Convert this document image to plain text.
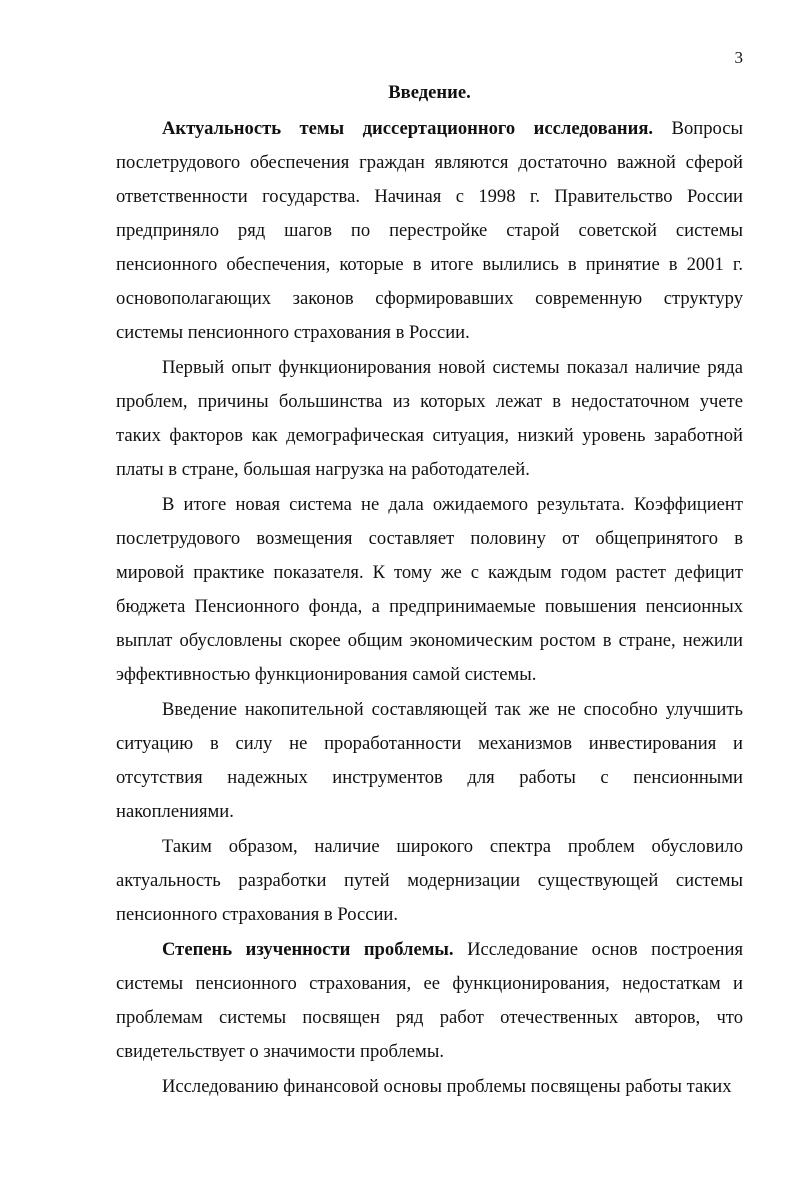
3
Введение.

Актуальность темы диссертационного исследования. Вопросы послетрудового обеспечения граждан являются достаточно важной сферой ответственности государства. Начиная с 1998 г. Правительство России предприняло ряд шагов по перестройке старой советской системы пенсионного обеспечения, которые в итоге вылились в принятие в 2001 г. основополагающих законов сформировавших современную структуру системы пенсионного страхования в России.

Первый опыт функционирования новой системы показал наличие ряда проблем, причины большинства из которых лежат в недостаточном учете таких факторов как демографическая ситуация, низкий уровень заработной платы в стране, большая нагрузка на работодателей.

В итоге новая система не дала ожидаемого результата. Коэффициент послетрудового возмещения составляет половину от общепринятого в мировой практике показателя. К тому же с каждым годом растет дефицит бюджета Пенсионного фонда, а предпринимаемые повышения пенсионных выплат обусловлены скорее общим экономическим ростом в стране, нежили эффективностью функционирования самой системы.

Введение накопительной составляющей так же не способно улучшить ситуацию в силу не проработанности механизмов инвестирования и отсутствия надежных инструментов для работы с пенсионными накоплениями.

Таким образом, наличие широкого спектра проблем обусловило актуальность разработки путей модернизации существующей системы пенсионного страхования в России.

Степень изученности проблемы. Исследование основ построения системы пенсионного страхования, ее функционирования, недостаткам и проблемам системы посвящен ряд работ отечественных авторов, что свидетельствует о значимости проблемы.

Исследованию финансовой основы проблемы посвящены работы таких
